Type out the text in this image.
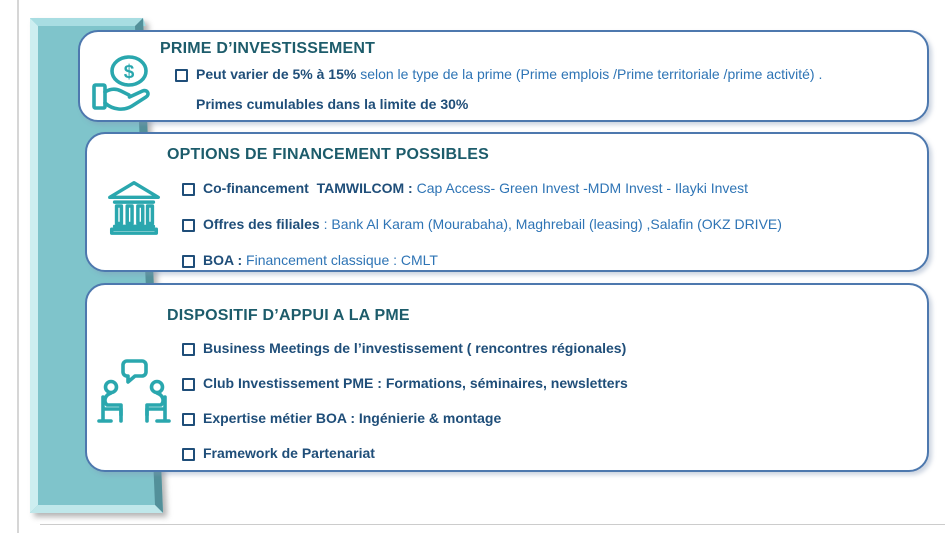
$
PRIME D’INVESTISSEMENT
Peut varier de 5% à 15% selon le type de la prime (Prime emplois /Prime territoriale /prime activité) .
Primes cumulables dans la limite de 30%
OPTIONS DE FINANCEMENT POSSIBLES
Co-financement  TAMWILCOM : Cap Access- Green Invest -MDM Invest - Ilayki Invest
Offres des filiales : Bank Al Karam (Mourabaha), Maghrebail (leasing) ,Salafin (OKZ DRIVE)
BOA : Financement classique : CMLT
DISPOSITIF D’APPUI A LA PME
Business Meetings de l’investissement ( rencontres régionales)
Club Investissement PME : Formations, séminaires, newsletters
Expertise métier BOA : Ingénierie & montage
Framework de Partenariat
